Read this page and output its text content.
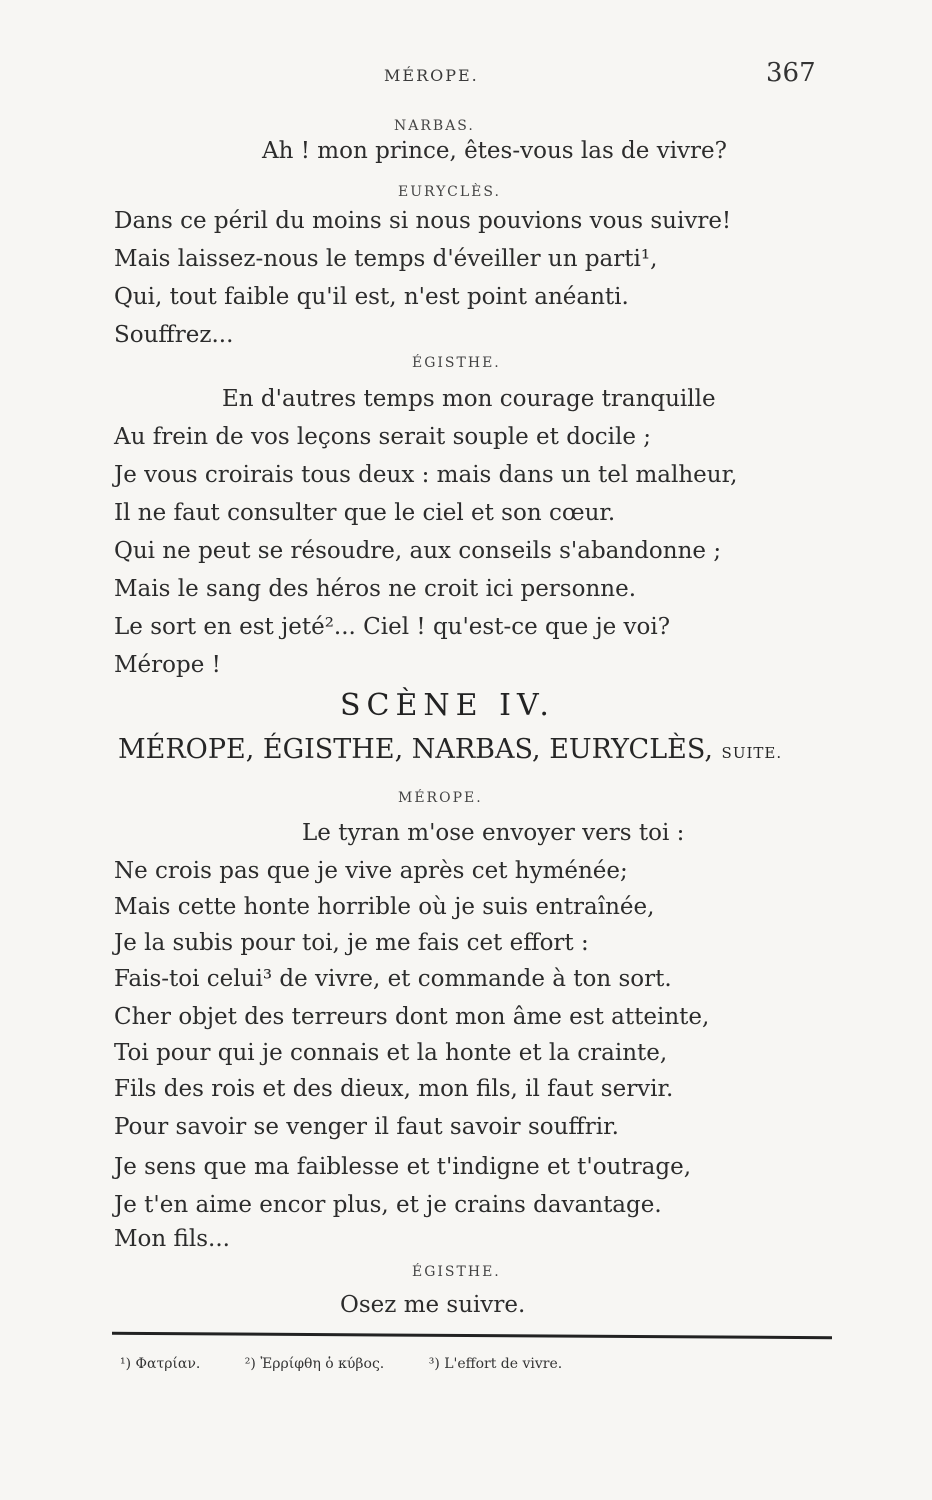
MÉROPE.	367
NARBAS.
Ah ! mon prince, êtes-vous las de vivre?
EURYCLÈS.
Dans ce péril du moins si nous pouvions vous suivre!
Mais laissez-nous le temps d'éveiller un parti¹,
Qui, tout faible qu'il est, n'est point anéanti.
Souffrez...
ÉGISTHE.
En d'autres temps mon courage tranquille
Au frein de vos leçons serait souple et docile ;
Je vous croirais tous deux : mais dans un tel malheur,
Il ne faut consulter que le ciel et son cœur.
Qui ne peut se résoudre, aux conseils s'abandonne ;
Mais le sang des héros ne croit ici personne.
Le sort en est jeté²... Ciel ! qu'est-ce que je voi?
Mérope !
SCÈNE IV.
MÉROPE, ÉGISTHE, NARBAS, EURYCLÈS, SUITE.
MÉROPE.
Le tyran m'ose envoyer vers toi :
Ne crois pas que je vive après cet hyménée;
Mais cette honte horrible où je suis entraînée,
Je la subis pour toi, je me fais cet effort :
Fais-toi celui³ de vivre, et commande à ton sort.
Cher objet des terreurs dont mon âme est atteinte,
Toi pour qui je connais et la honte et la crainte,
Fils des rois et des dieux, mon fils, il faut servir.
Pour savoir se venger il faut savoir souffrir.
Je sens que ma faiblesse et t'indigne et t'outrage,
Je t'en aime encor plus, et je crains davantage.
Mon fils...
ÉGISTHE.
Osez me suivre.
¹) Φατρίαν.	²) Ἐρρίφθη ὁ κύβος.	³) L'effort de vivre.
